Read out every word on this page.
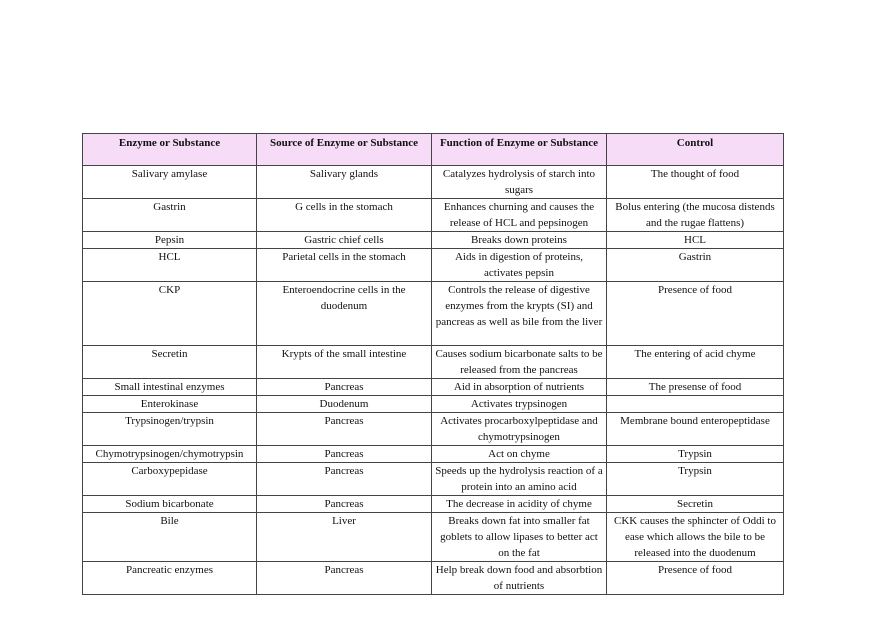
Enzyme or Substance	Source of Enzyme or Substance	Function of Enzyme or Substance	Control
Salivary amylase	Salivary glands	Catalyzes hydrolysis of starch into sugars	The thought of food
Gastrin	G cells in the stomach	Enhances churning and causes the release of HCL and pepsinogen	Bolus entering (the mucosa distends and the rugae flattens)
Pepsin	Gastric chief cells	Breaks down proteins	HCL
HCL	Parietal cells in the stomach	Aids in digestion of proteins, activates pepsin	Gastrin
CKP	Enteroendocrine cells in the duodenum	Controls the release of digestive enzymes from the krypts (SI) and pancreas as well as bile from the liver	Presence of food
Secretin	Krypts of the small intestine	Causes sodium bicarbonate salts to be released from the pancreas	The entering of acid chyme
Small intestinal enzymes	Pancreas	Aid in absorption of nutrients	The presense of food
Enterokinase	Duodenum	Activates trypsinogen	
Trypsinogen/trypsin	Pancreas	Activates procarboxylpeptidase and chymotrypsinogen	Membrane bound enteropeptidase
Chymotrypsinogen/chymotrypsin	Pancreas	Act on chyme	Trypsin
Carboxypepidase	Pancreas	Speeds up the hydrolysis reaction of a protein into an amino acid	Trypsin
Sodium bicarbonate	Pancreas	The decrease in acidity of chyme	Secretin
Bile	Liver	Breaks down fat into smaller fat goblets to allow lipases to better act on the fat	CKK causes the sphincter of Oddi to ease which allows the bile to be released into the duodenum
Pancreatic enzymes	Pancreas	Help break down food and absorbtion of nutrients	Presence of food
